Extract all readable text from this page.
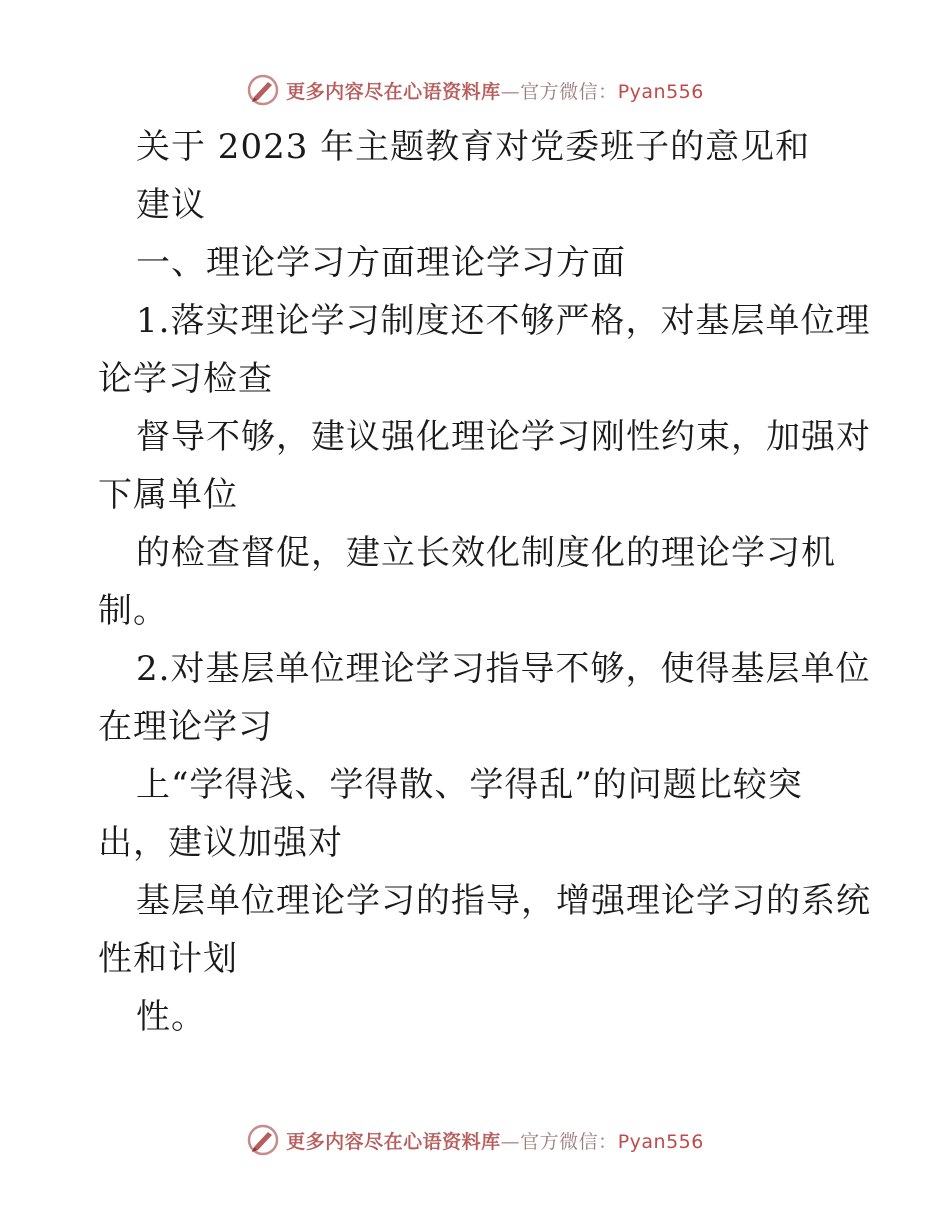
更多内容尽在心语资料库—官方微信：Pyan556
关于 2023 年主题教育对党委班子的意见和
建议
一、理论学习方面理论学习方面
1.落实理论学习制度还不够严格，对基层单位理
论学习检查
督导不够，建议强化理论学习刚性约束，加强对
下属单位
的检查督促，建立长效化制度化的理论学习机
制。
2.对基层单位理论学习指导不够，使得基层单位
在理论学习
上“学得浅、学得散、学得乱”的问题比较突
出，建议加强对
基层单位理论学习的指导，增强理论学习的系统
性和计划
性。
更多内容尽在心语资料库—官方微信：Pyan556
